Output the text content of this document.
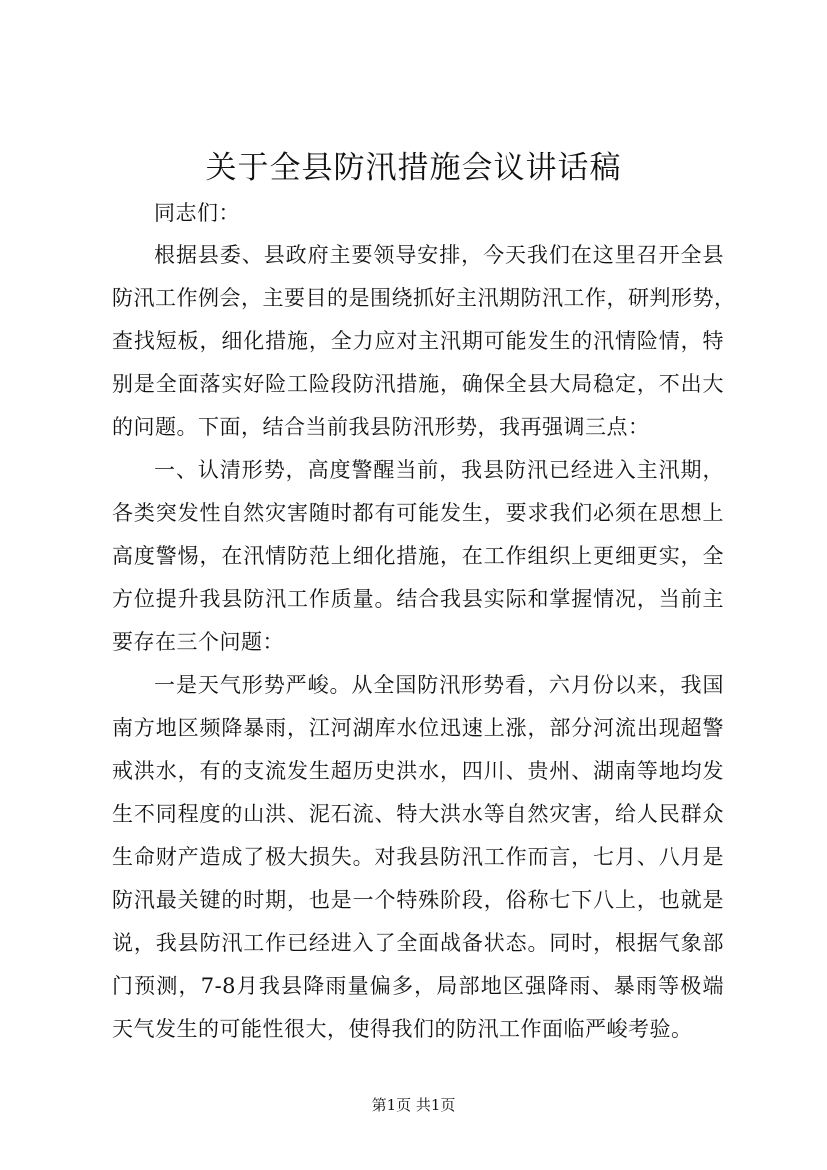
关于全县防汛措施会议讲话稿
同志们：
根据县委、县政府主要领导安排，今天我们在这里召开全县
防汛工作例会，主要目的是围绕抓好主汛期防汛工作，研判形势，
查找短板，细化措施，全力应对主汛期可能发生的汛情险情，特
别是全面落实好险工险段防汛措施，确保全县大局稳定，不出大
的问题。下面，结合当前我县防汛形势，我再强调三点：
一、认清形势，高度警醒当前，我县防汛已经进入主汛期，
各类突发性自然灾害随时都有可能发生，要求我们必须在思想上
高度警惕，在汛情防范上细化措施，在工作组织上更细更实，全
方位提升我县防汛工作质量。结合我县实际和掌握情况，当前主
要存在三个问题：
一是天气形势严峻。从全国防汛形势看，六月份以来，我国
南方地区频降暴雨，江河湖库水位迅速上涨，部分河流出现超警
戒洪水，有的支流发生超历史洪水，四川、贵州、湖南等地均发
生不同程度的山洪、泥石流、特大洪水等自然灾害，给人民群众
生命财产造成了极大损失。对我县防汛工作而言，七月、八月是
防汛最关键的时期，也是一个特殊阶段，俗称七下八上，也就是
说，我县防汛工作已经进入了全面战备状态。同时，根据气象部
门预测，7-8月我县降雨量偏多，局部地区强降雨、暴雨等极端
天气发生的可能性很大，使得我们的防汛工作面临严峻考验。
第1页 共1页
